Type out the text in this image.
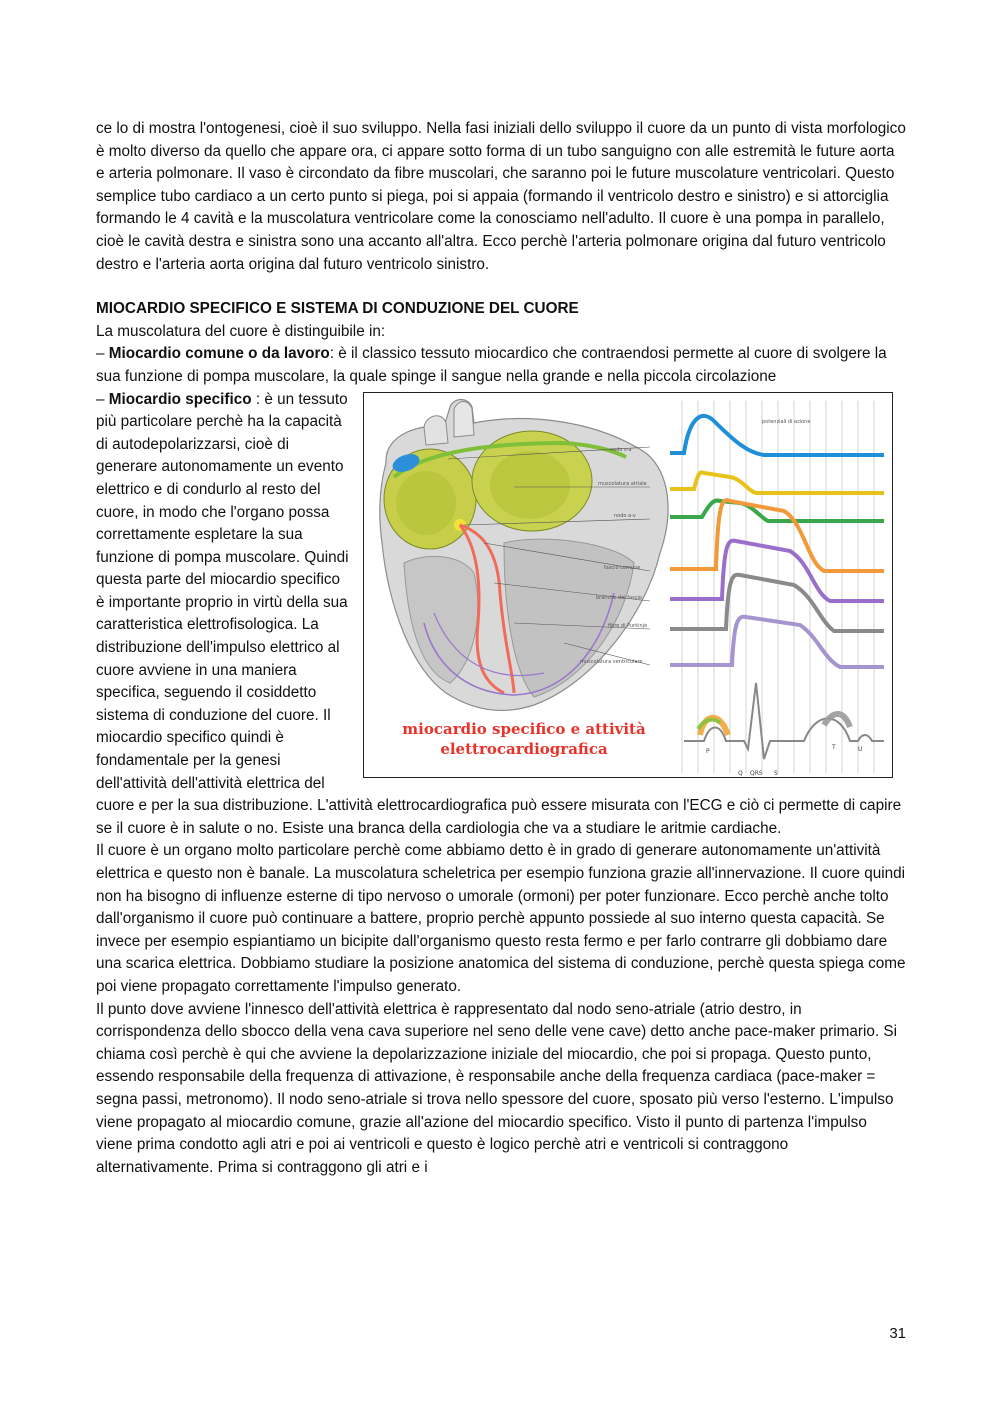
ce lo di mostra l'ontogenesi, cioè il suo sviluppo. Nella fasi iniziali dello sviluppo il cuore da un punto di vista morfologico è molto diverso da quello che appare ora, ci appare sotto forma di un tubo sanguigno con alle estremità le future aorta e arteria polmonare. Il vaso è circondato da fibre muscolari, che saranno poi le future muscolature ventricolari. Questo semplice tubo cardiaco a un certo punto si piega, poi si appaia (formando il ventricolo destro e sinistro) e si attorciglia formando le 4 cavità e la muscolatura ventricolare come la conosciamo nell'adulto. Il cuore è una pompa in parallelo, cioè le cavità destra e sinistra sono una accanto all'altra. Ecco perchè l'arteria polmonare origina dal futuro ventricolo destro e l'arteria aorta origina dal futuro ventricolo sinistro.

MIOCARDIO SPECIFICO E SISTEMA DI CONDUZIONE DEL CUORE

La muscolatura del cuore è distinguibile in:

– Miocardio comune o da lavoro: è il classico tessuto miocardico che contraendosi permette al cuore di svolgere la sua funzione di pompa muscolare, la quale spinge il sangue nella grande e nella piccola circolazione

– Miocardio specifico
potenziali di azione
nodo s-a
muscolatura atriale
nodo a-v
fascio comune
branche del fascio
fibre di Purkinje
muscolatura ventricolare
P
QRS
T	U
Q	S
miocardio specifico e attività
elettrocardiografica
: è un tessuto più particolare perchè ha la capacità di autodepolarizzarsi, cioè di generare autonomamente un evento elettrico e di condurlo al resto del cuore, in modo che l'organo possa correttamente espletare la sua funzione di pompa muscolare. Quindi questa parte del miocardio specifico è importante proprio in virtù della sua caratteristica elettrofisologica. La distribuzione dell'impulso elettrico al cuore avviene in una maniera specifica, seguendo il cosiddetto sistema di conduzione del cuore. Il miocardio specifico quindi è fondamentale per la genesi dell'attività dell'attività elettrica del cuore e per la sua distribuzione. L'attività elettrocardiografica può essere misurata con l'ECG e ciò ci permette di capire se il cuore è in salute o no. Esiste una branca della cardiologia che va a studiare le aritmie cardiache.

Il cuore è un organo molto particolare perchè come abbiamo detto è in grado di generare autonomamente un'attività elettrica e questo non è banale. La muscolatura scheletrica per esempio funziona grazie all'innervazione. Il cuore quindi non ha bisogno di influenze esterne di tipo nervoso o umorale (ormoni) per poter funzionare. Ecco perchè anche tolto dall'organismo il cuore può continuare a battere, proprio perchè appunto possiede al suo interno questa capacità. Se invece per esempio espiantiamo un bicipite dall'organismo questo resta fermo e per farlo contrarre gli dobbiamo dare una scarica elettrica. Dobbiamo studiare la posizione anatomica del sistema di conduzione, perchè questa spiega come poi viene propagato correttamente l'impulso generato.

Il punto dove avviene l'innesco dell'attività elettrica è rappresentato dal nodo seno-atriale (atrio destro, in corrispondenza dello sbocco della vena cava superiore nel seno delle vene cave) detto anche pace-maker primario. Si chiama così perchè è qui che avviene la depolarizzazione iniziale del miocardio, che poi si propaga. Questo punto, essendo responsabile della frequenza di attivazione, è responsabile anche della frequenza cardiaca (pace-maker = segna passi, metronomo). Il nodo seno-atriale si trova nello spessore del cuore, sposato più verso l'esterno. L'impulso viene propagato al miocardio comune, grazie all'azione del miocardio specifico. Visto il punto di partenza l'impulso viene prima condotto agli atri e poi ai ventricoli e questo è logico perchè atri e ventricoli si contraggono alternativamente. Prima si contraggono gli atri e i

31
